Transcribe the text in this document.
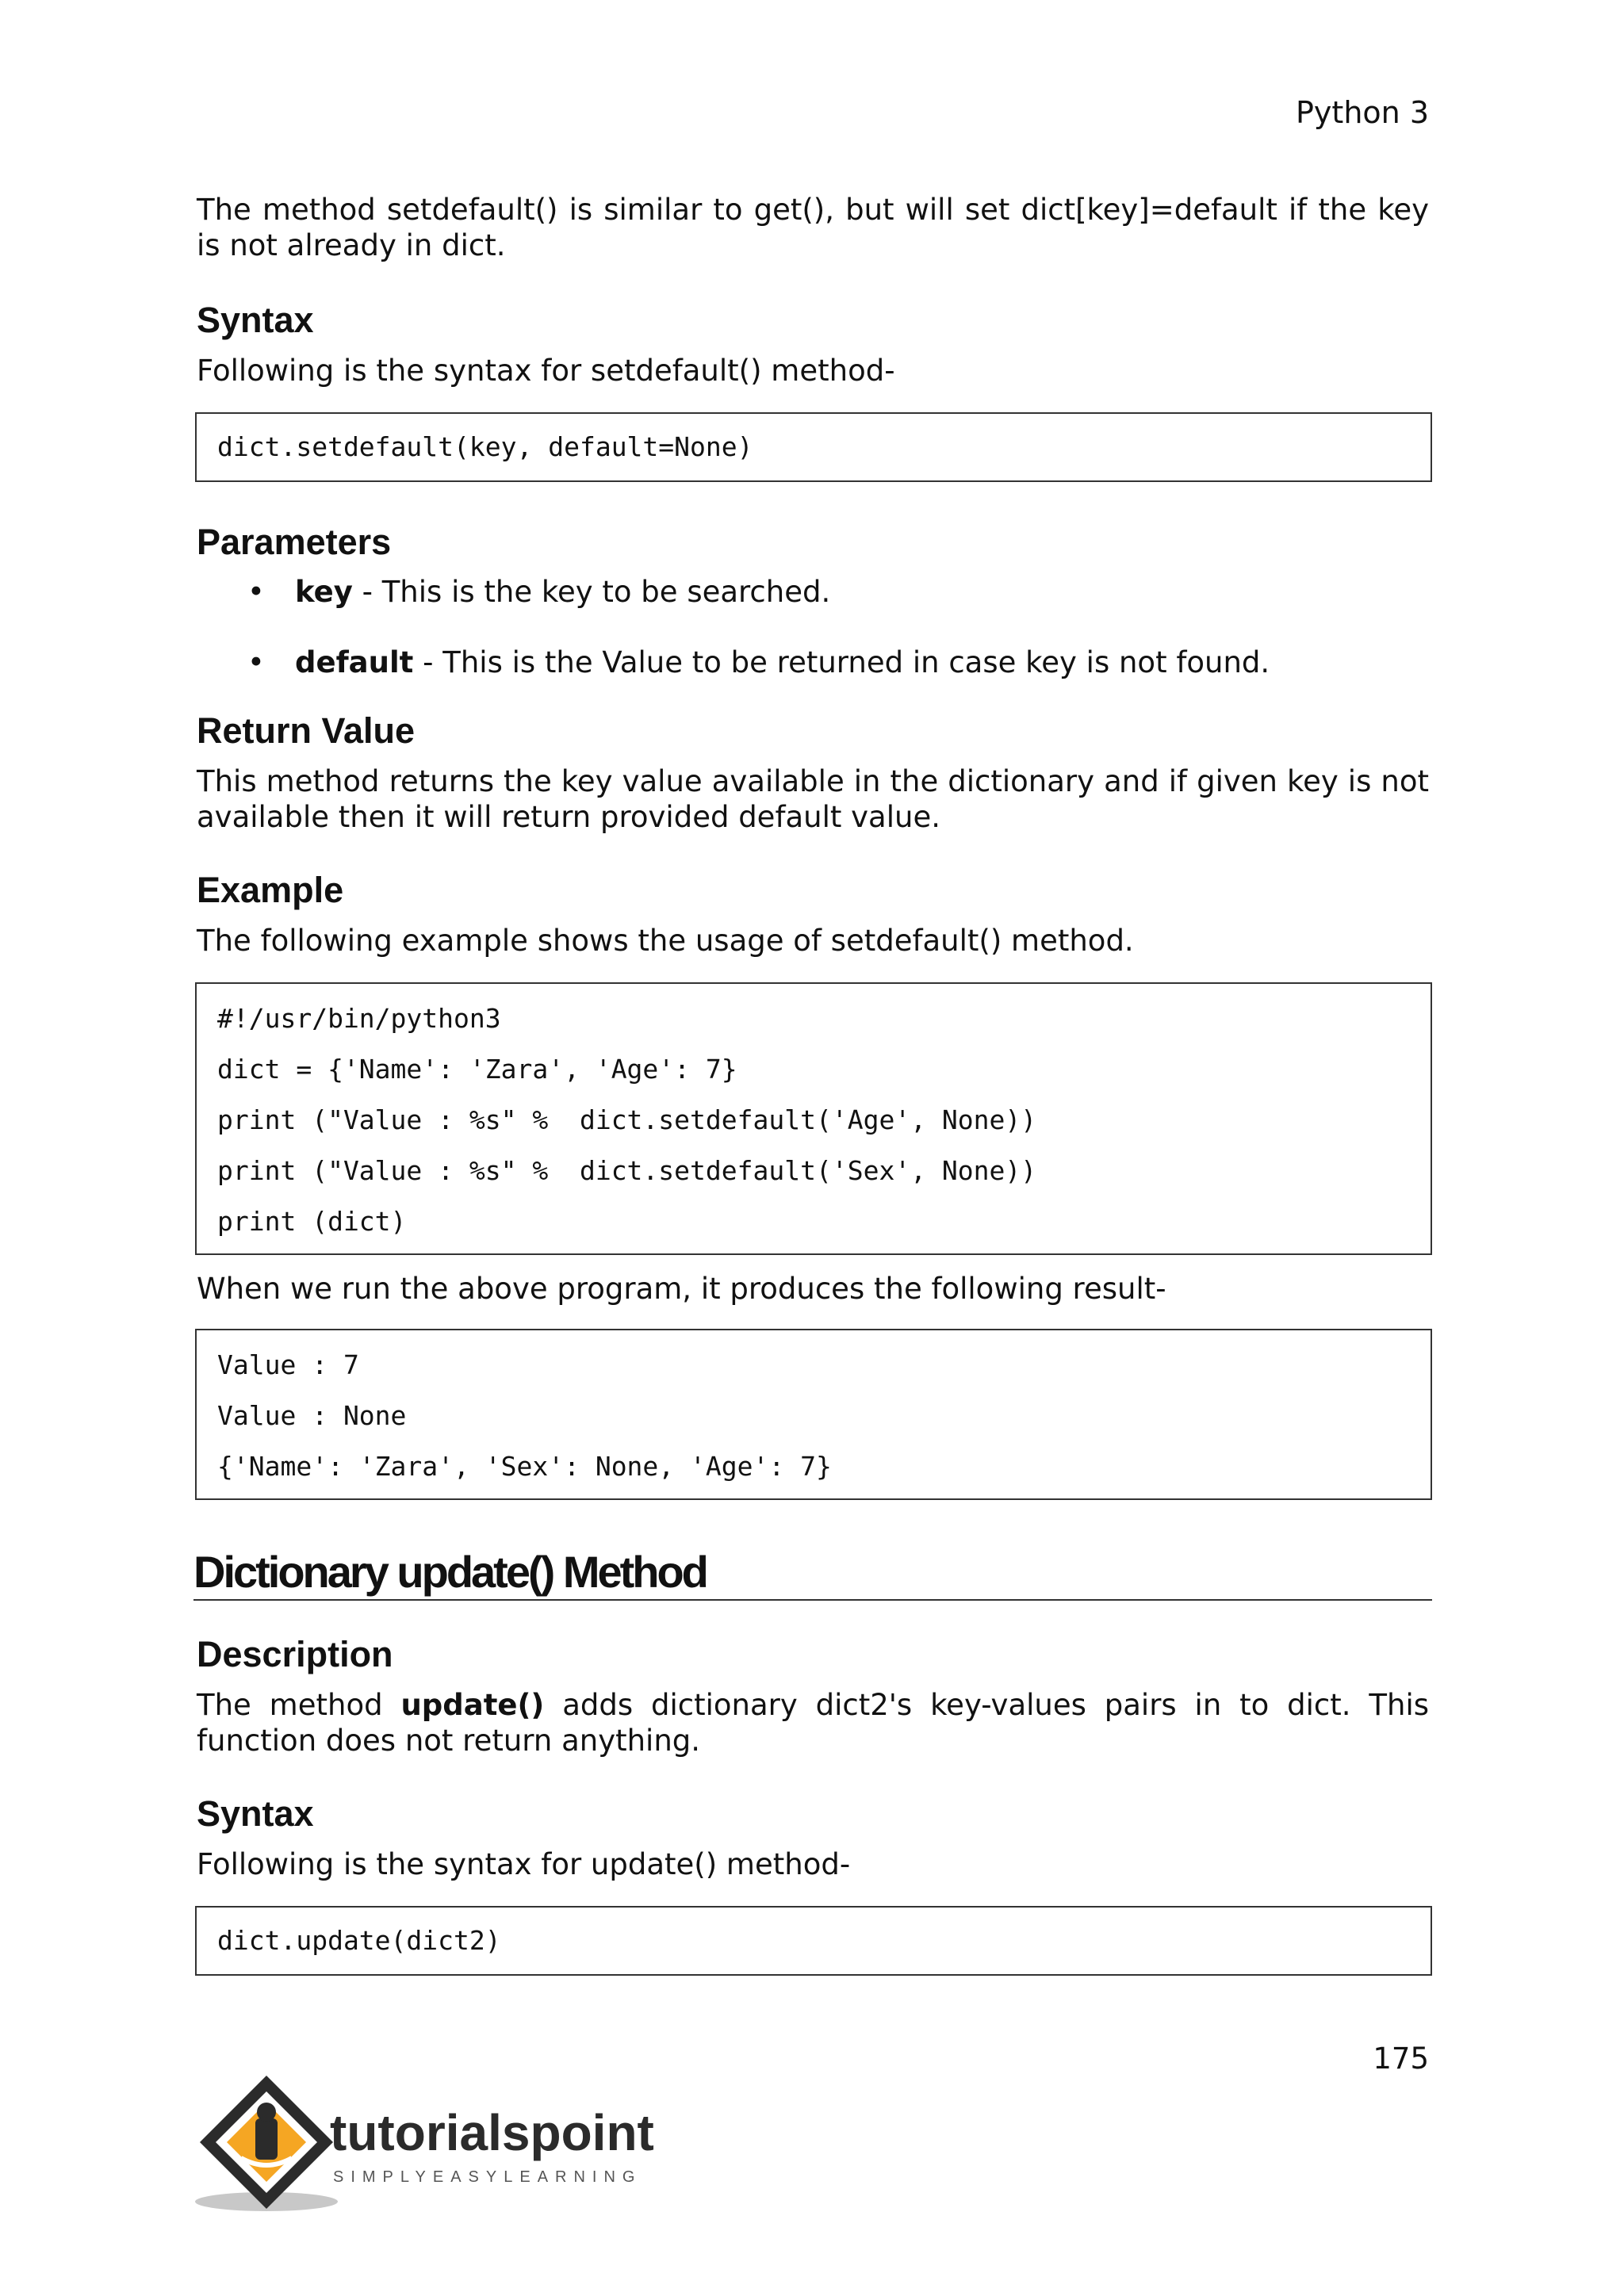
Python 3

The method setdefault() is similar to get(), but will set dict[key]=default if the key is not already in dict.

Syntax

Following is the syntax for setdefault() method-

dict.setdefault(key, default=None)
Parameters
• key - This is the key to be searched.
• default - This is the Value to be returned in case key is not found.
Return Value

This method returns the key value available in the dictionary and if given key is not available then it will return provided default value.

Example

The following example shows the usage of setdefault() method.

#!/usr/bin/python3
dict = {'Name': 'Zara', 'Age': 7}
print ("Value : %s" %  dict.setdefault('Age', None))
print ("Value : %s" %  dict.setdefault('Sex', None))
print (dict)

When we run the above program, it produces the following result-

Value : 7
Value : None
{'Name': 'Zara', 'Sex': None, 'Age': 7}
Dictionary update() Method
Description

The method update() adds dictionary dict2's key-values pairs in to dict. This function does not return anything.

Syntax

Following is the syntax for update() method-

dict.update(dict2)
175
tutorialspoint
SIMPLYEASYLEARNING
